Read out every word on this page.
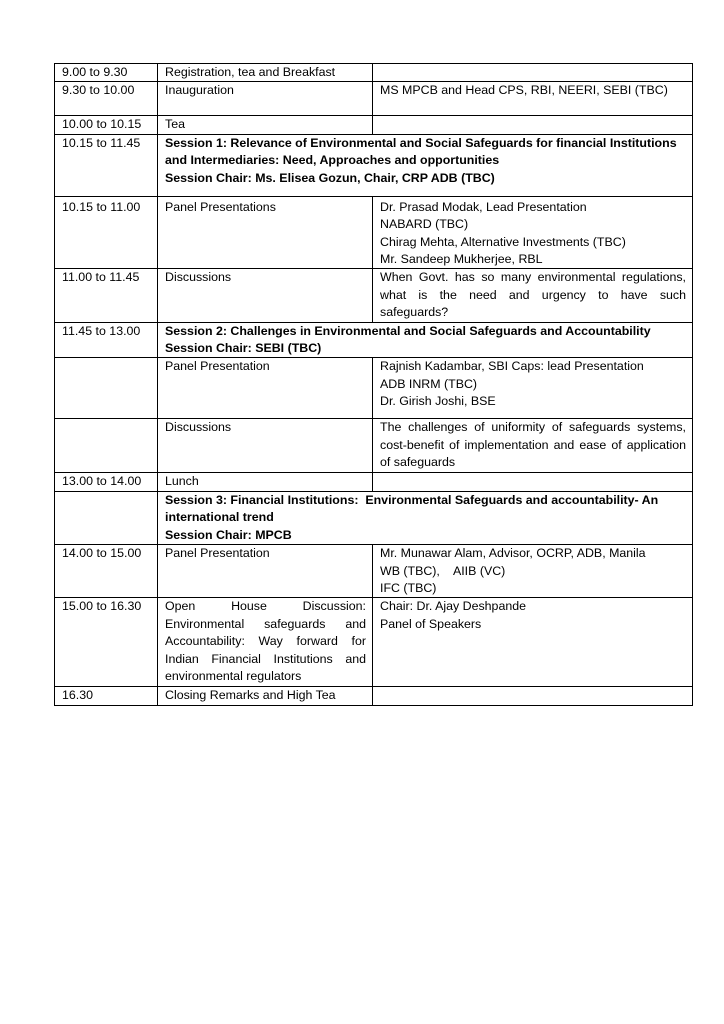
9.00 to 9.30	Registration, tea and Breakfast	
9.30 to 10.00	Inauguration	MS MPCB and Head CPS, RBI, NEERI, SEBI (TBC)
10.00 to 10.15	Tea	
10.15 to 11.45	Session 1: Relevance of Environmental and Social Safeguards for financial Institutions
and Intermediaries: Need, Approaches and opportunities
Session Chair: Ms. Elisea Gozun, Chair, CRP ADB (TBC)	

10.15 to 11.00	Panel Presentations	Dr. Prasad Modak, Lead Presentation
NABARD (TBC)
Chirag Mehta, Alternative Investments (TBC)
Mr. Sandeep Mukherjee, RBL

11.00 to 11.45	Discussions	When Govt. has so many environmental regulations, what is the need and urgency to have such safeguards?
11.45 to 13.00	Session 2: Challenges in Environmental and Social Safeguards and Accountability
Session Chair: SEBI (TBC)	

	Panel Presentation	Rajnish Kadambar, SBI Caps: lead Presentation
ADB INRM (TBC)
Dr. Girish Joshi, BSE

	Discussions	The challenges of uniformity of safeguards systems, cost-benefit of implementation and ease of application of safeguards
13.00 to 14.00	Lunch	

	Session 3: Financial Institutions:  Environmental Safeguards and accountability- An
international trend
Session Chair: MPCB	

14.00 to 15.00	Panel Presentation	Mr. Munawar Alam, Advisor, OCRP, ADB, Manila
WB (TBC),    AIIB (VC)
IFC (TBC)

15.00 to 16.30	Open House Discussion: Environmental safeguards and Accountability: Way forward for Indian Financial Institutions and environmental regulators	Chair: Dr. Ajay Deshpande
Panel of Speakers

16.30	Closing Remarks and High Tea	
